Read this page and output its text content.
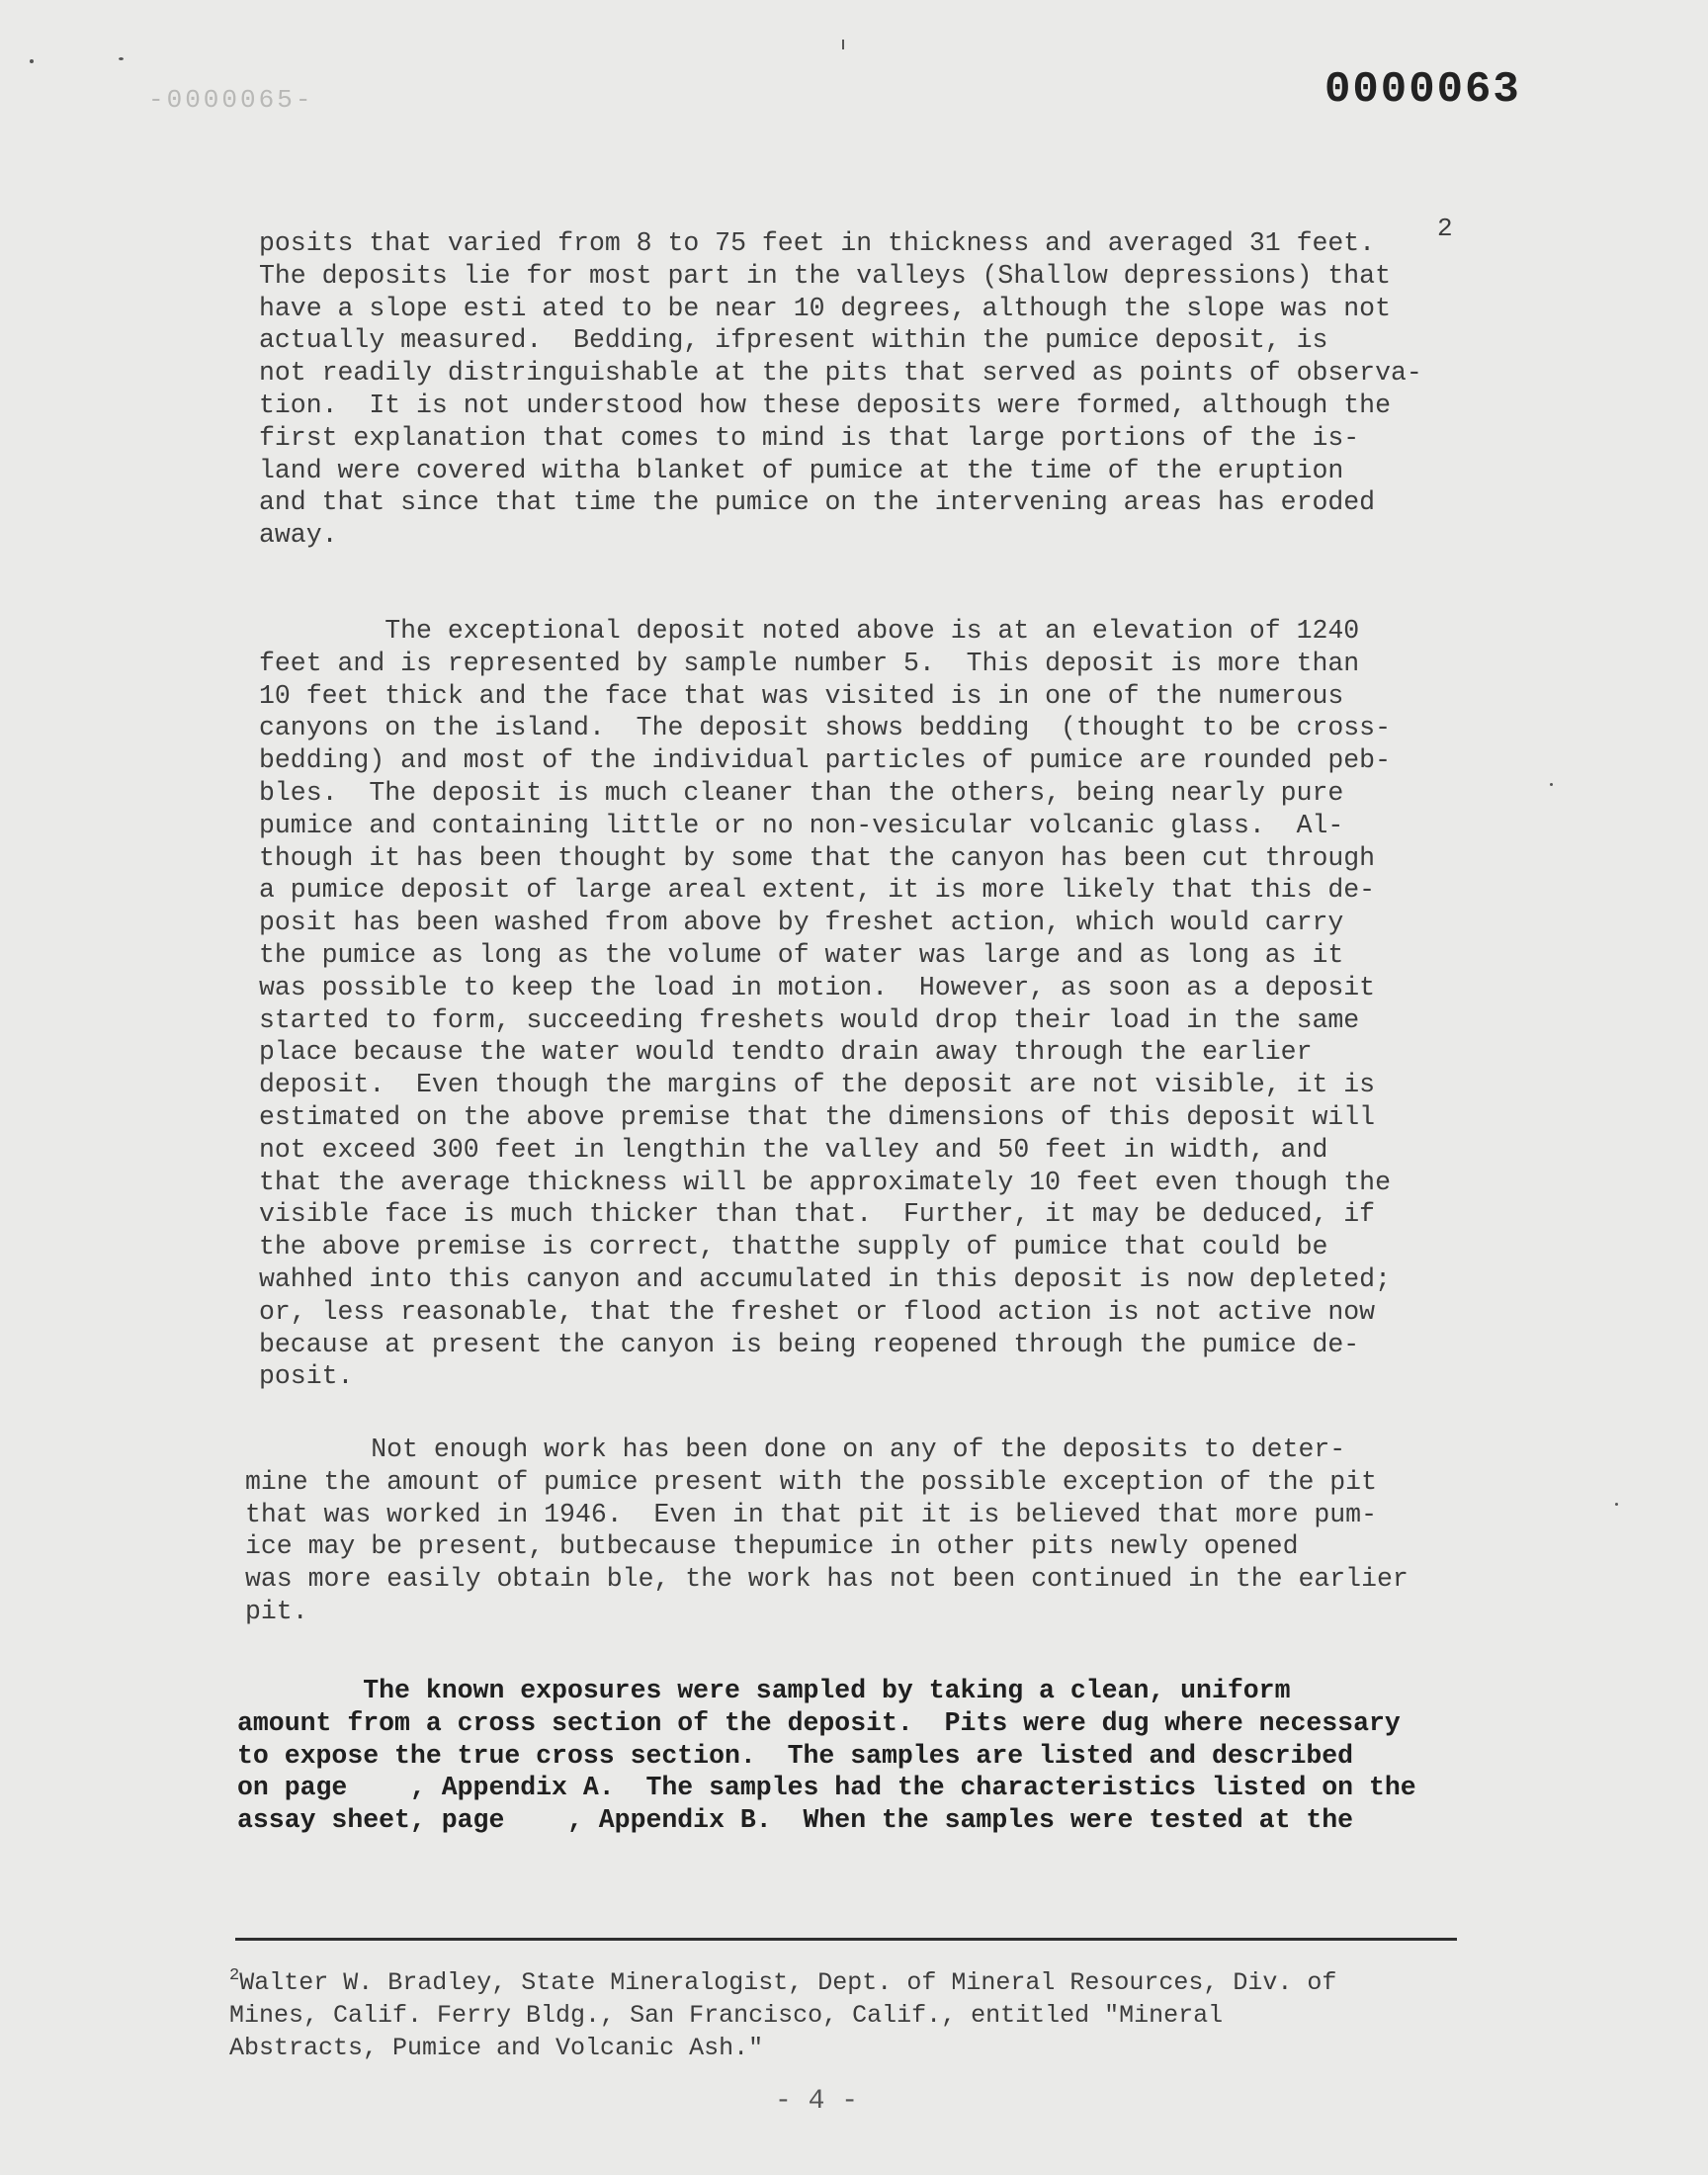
-0000065-	0000063
2
posits that varied from 8 to 75 feet in thickness and averaged 31 feet.
The deposits lie for most part in the valleys (Shallow depressions) that
have a slope esti ated to be near 10 degrees, although the slope was not
actually measured.  Bedding, ifpresent within the pumice deposit, is
not readily distringuishable at the pits that served as points of observa-
tion.  It is not understood how these deposits were formed, although the
first explanation that comes to mind is that large portions of the is-
land were covered witha blanket of pumice at the time of the eruption
and that since that time the pumice on the intervening areas has eroded
away.
The exceptional deposit noted above is at an elevation of 1240
feet and is represented by sample number 5.  This deposit is more than
10 feet thick and the face that was visited is in one of the numerous
canyons on the island.  The deposit shows bedding  (thought to be cross-
bedding) and most of the individual particles of pumice are rounded peb-
bles.  The deposit is much cleaner than the others, being nearly pure
pumice and containing little or no non-vesicular volcanic glass.  Al-
though it has been thought by some that the canyon has been cut through
a pumice deposit of large areal extent, it is more likely that this de-
posit has been washed from above by freshet action, which would carry
the pumice as long as the volume of water was large and as long as it
was possible to keep the load in motion.  However, as soon as a deposit
started to form, succeeding freshets would drop their load in the same
place because the water would tendto drain away through the earlier
deposit.  Even though the margins of the deposit are not visible, it is
estimated on the above premise that the dimensions of this deposit will
not exceed 300 feet in lengthin the valley and 50 feet in width, and
that the average thickness will be approximately 10 feet even though the
visible face is much thicker than that.  Further, it may be deduced, if
the above premise is correct, thatthe supply of pumice that could be
wahhed into this canyon and accumulated in this deposit is now depleted;
or, less reasonable, that the freshet or flood action is not active now
because at present the canyon is being reopened through the pumice de-
posit.
Not enough work has been done on any of the deposits to deter-
mine the amount of pumice present with the possible exception of the pit
that was worked in 1946.  Even in that pit it is believed that more pum-
ice may be present, butbecause thepumice in other pits newly opened
was more easily obtain ble, the work has not been continued in the earlier
pit.
The known exposures were sampled by taking a clean, uniform
amount from a cross section of the deposit.  Pits were dug where necessary
to expose the true cross section.  The samples are listed and described
on page    , Appendix A.  The samples had the characteristics listed on the
assay sheet, page    , Appendix B.  When the samples were tested at the
$^2$Walter W. Bradley, State Mineralogist, Dept. of Mineral Resources, Div. of
Mines, Calif. Ferry Bldg., San Francisco, Calif., entitled "Mineral
Abstracts, Pumice and Volcanic Ash."
- 4 -
